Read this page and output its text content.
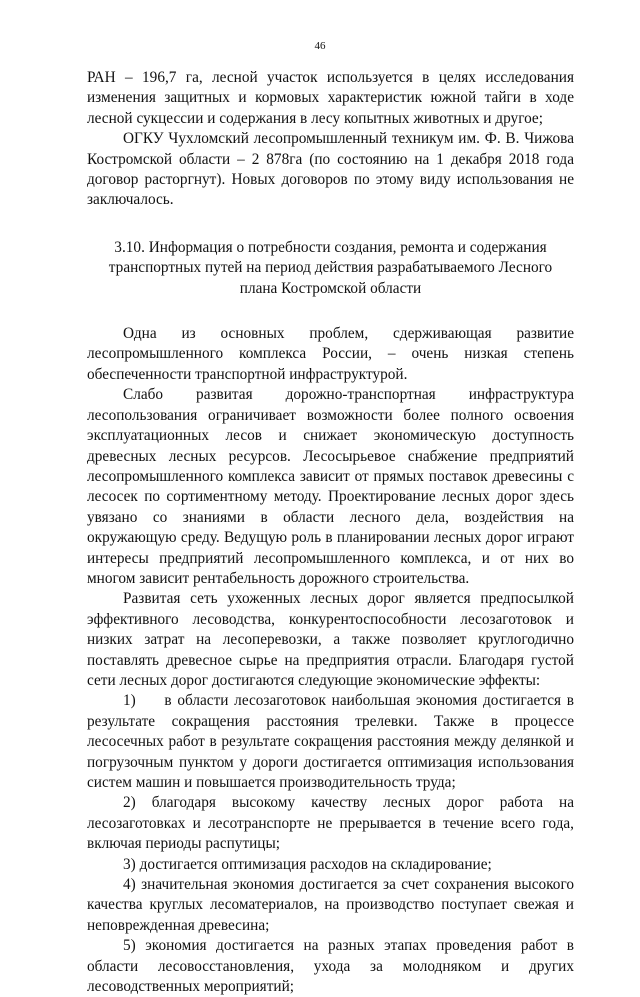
46

РАН – 196,7 га, лесной участок используется в целях исследования изменения защитных и кормовых характеристик южной тайги в ходе лесной сукцессии и содержания в лесу копытных животных и другое;

ОГКУ Чухломский лесопромышленный техникум им. Ф. В. Чижова Костромской области – 2 878га (по состоянию на 1 декабря 2018 года договор расторгнут). Новых договоров по этому виду использования не заключалось.

3.10. Информация о потребности создания, ремонта и содержания транспортных путей на период действия разрабатываемого Лесного плана Костромской области

Одна из основных проблем, сдерживающая развитие лесопромышленного комплекса России, – очень низкая степень обеспеченности транспортной инфраструктурой.

Слабо развитая дорожно-транспортная инфраструктура лесопользования ограничивает возможности более полного освоения эксплуатационных лесов и снижает экономическую доступность древесных лесных ресурсов. Лесосырьевое снабжение предприятий лесопромышленного комплекса зависит от прямых поставок древесины с лесосек по сортиментному методу. Проектирование лесных дорог здесь увязано со знаниями в области лесного дела, воздействия на окружающую среду. Ведущую роль в планировании лесных дорог играют интересы предприятий лесопромышленного комплекса, и от них во многом зависит рентабельность дорожного строительства.

Развитая сеть ухоженных лесных дорог является предпосылкой эффективного лесоводства, конкурентоспособности лесозаготовок и низких затрат на лесоперевозки, а также позволяет круглогодично поставлять древесное сырье на предприятия отрасли. Благодаря густой сети лесных дорог достигаются следующие экономические эффекты:

1)     в области лесозаготовок наибольшая экономия достигается в результате сокращения расстояния трелевки. Также в процессе лесосечных работ в результате сокращения расстояния между делянкой и погрузочным пунктом у дороги достигается оптимизация использования систем машин и повышается производительность труда;

2) благодаря высокому качеству лесных дорог работа на лесозаготовках и лесотранспорте не прерывается в течение всего года, включая периоды распутицы;

3) достигается оптимизация расходов на складирование;

4) значительная экономия достигается за счет сохранения высокого качества круглых лесоматериалов, на производство поступает свежая и неповрежденная древесина;

5) экономия достигается на разных этапах проведения работ в области лесовосстановления, ухода за молодняком и других лесоводственных мероприятий;
